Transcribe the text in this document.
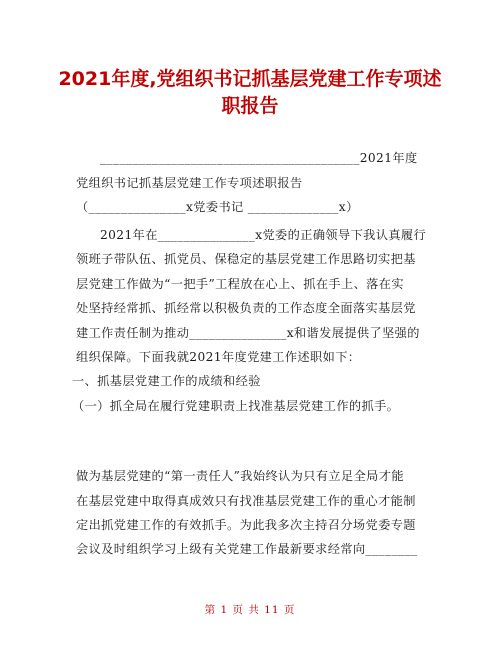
2021年度,党组织书记抓基层党建工作专项述
职报告
________________________________________2021年度
党组织书记抓基层党建工作专项述职报告
（_______________x党委书记 ______________x）
2021年在_______________x党委的正确领导下我认真履行
领班子带队伍、抓党员、保稳定的基层党建工作思路切实把基
层党建工作做为“一把手”工程放在心上、抓在手上、落在实
处坚持经常抓、抓经常以积极负责的工作态度全面落实基层党
建工作责任制为推动_______________x和谐发展提供了坚强的
组织保障。下面我就2021年度党建工作述职如下：
一、抓基层党建工作的成绩和经验
（一）抓全局在履行党建职责上找准基层党建工作的抓手。
做为基层党建的“第一责任人”我始终认为只有立足全局才能
在基层党建中取得真成效只有找准基层党建工作的重心才能制
定出抓党建工作的有效抓手。为此我多次主持召分场党委专题
会议及时组织学习上级有关党建工作最新要求经常向________
第 1 页 共 11 页
